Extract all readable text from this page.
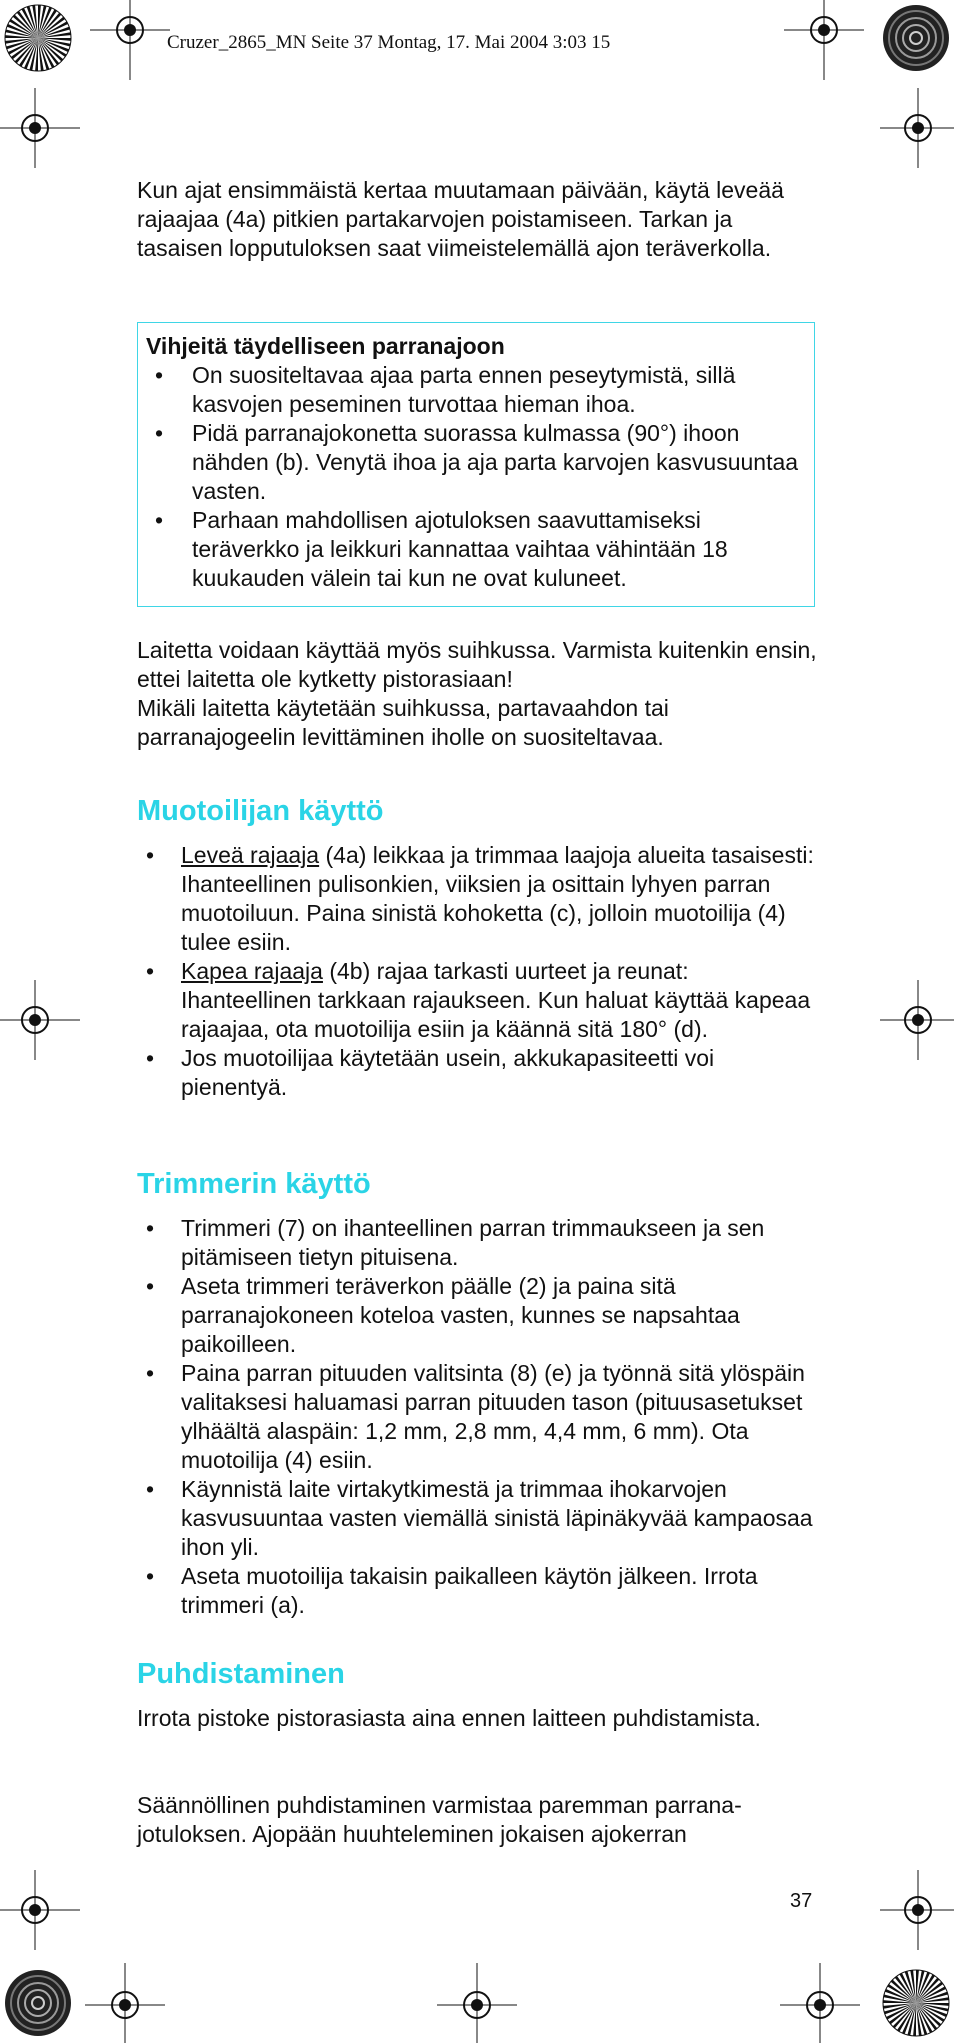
Cruzer_2865_MN Seite 37 Montag, 17. Mai 2004 3:03 15

Kun ajat ensimmäistä kertaa muutamaan päivään, käytä leveää rajaajaa (4a) pitkien partakarvojen poistamiseen. Tarkan ja tasaisen lopputuloksen saat viimeistelemällä ajon teräverkolla.

Vihjeitä täydelliseen parranajoon
• On suositeltavaa ajaa parta ennen peseytymistä, sillä kasvojen peseminen turvottaa hieman ihoa.
• Pidä parranajokonetta suorassa kulmassa (90°) ihoon nähden (b). Venytä ihoa ja aja parta karvojen kasvusuuntaa vasten.
• Parhaan mahdollisen ajotuloksen saavuttamiseksi teräverkko ja leikkuri kannattaa vaihtaa vähintään 18 kuukauden välein tai kun ne ovat kuluneet.

Laitetta voidaan käyttää myös suihkussa. Varmista kuitenkin ensin, ettei laitetta ole kytketty pistorasiaan!

Mikäli laitetta käytetään suihkussa, partavaahdon tai parranajogeelin levittäminen iholle on suositeltavaa.

Muotoilijan käyttö
• Leveä rajaaja (4a) leikkaa ja trimmaa laajoja alueita tasaisesti: Ihanteellinen pulisonkien, viiksien ja osittain lyhyen parran muotoiluun. Paina sinistä kohoketta (c), jolloin muotoilija (4) tulee esiin.
• Kapea rajaaja (4b) rajaa tarkasti uurteet ja reunat: Ihanteellinen tarkkaan rajaukseen. Kun haluat käyttää kapeaa rajaajaa, ota muotoilija esiin ja käännä sitä 180° (d).
• Jos muotoilijaa käytetään usein, akkukapasiteetti voi pienentyä.
Trimmerin käyttö
• Trimmeri (7) on ihanteellinen parran trimmaukseen ja sen pitämiseen tietyn pituisena.
• Aseta trimmeri teräverkon päälle (2) ja paina sitä parranajokoneen koteloa vasten, kunnes se napsahtaa paikoilleen.
• Paina parran pituuden valitsinta (8) (e) ja työnnä sitä ylöspäin valitaksesi haluamasi parran pituuden tason (pituusasetukset ylhäältä alaspäin: 1,2 mm, 2,8 mm, 4,4 mm, 6 mm). Ota muotoilija (4) esiin.
• Käynnistä laite virtakytkimestä ja trimmaa ihokarvojen kasvusuuntaa vasten viemällä sinistä läpinäkyvää kampaosaa ihon yli.
• Aseta muotoilija takaisin paikalleen käytön jälkeen. Irrota trimmeri (a).
Puhdistaminen

Irrota pistoke pistorasiasta aina ennen laitteen puhdistamista.

Säännöllinen puhdistaminen varmistaa paremman parrana-jotuloksen. Ajopään huuhteleminen jokaisen ajokerran

37
